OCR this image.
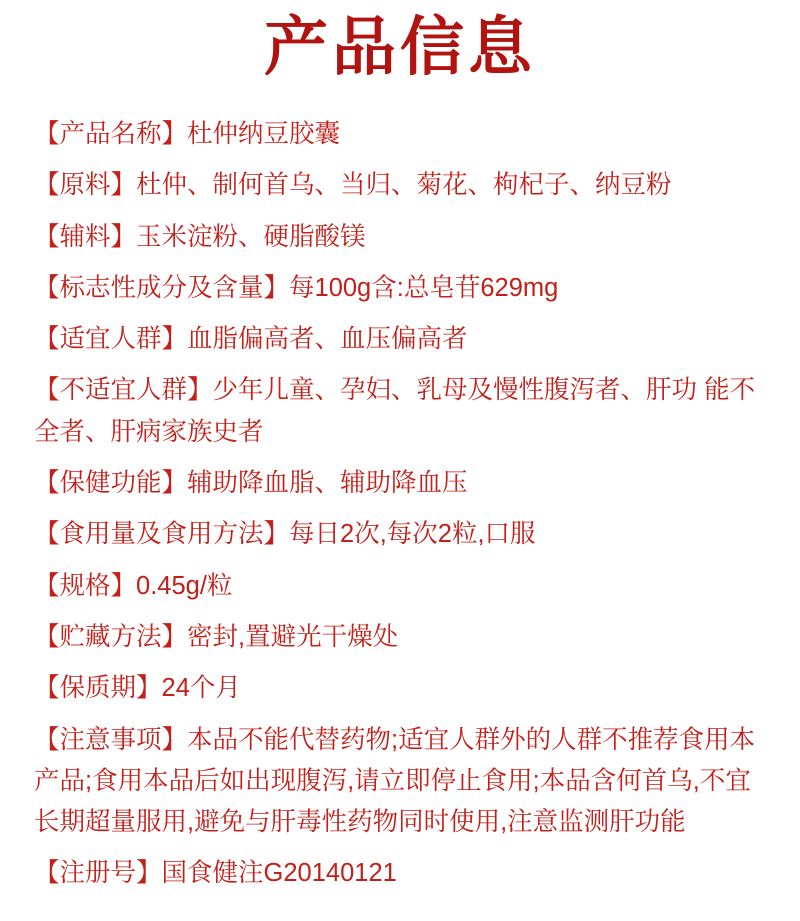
产品信息
【产品名称】杜仲纳豆胶囊
【原料】杜仲、制何首乌、当归、菊花、枸杞子、纳豆粉
【辅料】玉米淀粉、硬脂酸镁
【标志性成分及含量】每100g含:总皂苷629mg
【适宜人群】血脂偏高者、血压偏高者
【不适宜人群】少年儿童、孕妇、乳母及慢性腹泻者、肝功 能不全者、肝病家族史者
【保健功能】辅助降血脂、辅助降血压
【食用量及食用方法】每日2次,每次2粒,口服
【规格】0.45g/粒
【贮藏方法】密封,置避光干燥处
【保质期】24个月
【注意事项】本品不能代替药物;适宜人群外的人群不推荐食用本产品;食用本品后如出现腹泻,请立即停止食用;本品含何首乌,不宜长期超量服用,避免与肝毒性药物同时使用,注意监测肝功能
【注册号】国食健注G20140121
